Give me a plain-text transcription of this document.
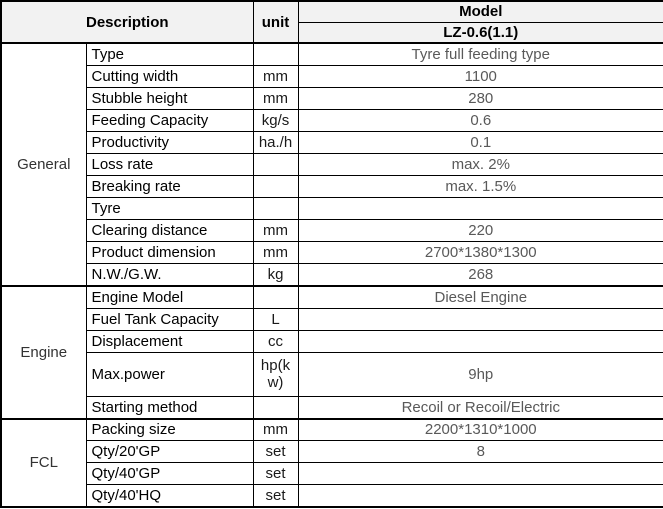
Description		unit	Model
			LZ-0.6(1.1)
General	Type		Tyre full feeding type
	Cutting width	mm	1100
	Stubble height	mm	280
	Feeding Capacity	kg/s	0.6
	Productivity	ha./h	0.1
	Loss rate		max. 2%
	Breaking rate		max. 1.5%
	Tyre		
	Clearing distance	mm	220
	Product dimension	mm	2700*1380*1300
	N.W./G.W.	kg	268
Engine	Engine Model		Diesel Engine
	Fuel Tank Capacity	L	
	Displacement	cc	
	Max.power	hp(kw)	9hp
	Starting method		Recoil or Recoil/Electric
FCL	Packing size	mm	2200*1310*1000
	Qty/20'GP	set	8
	Qty/40'GP	set	
	Qty/40'HQ	set	
